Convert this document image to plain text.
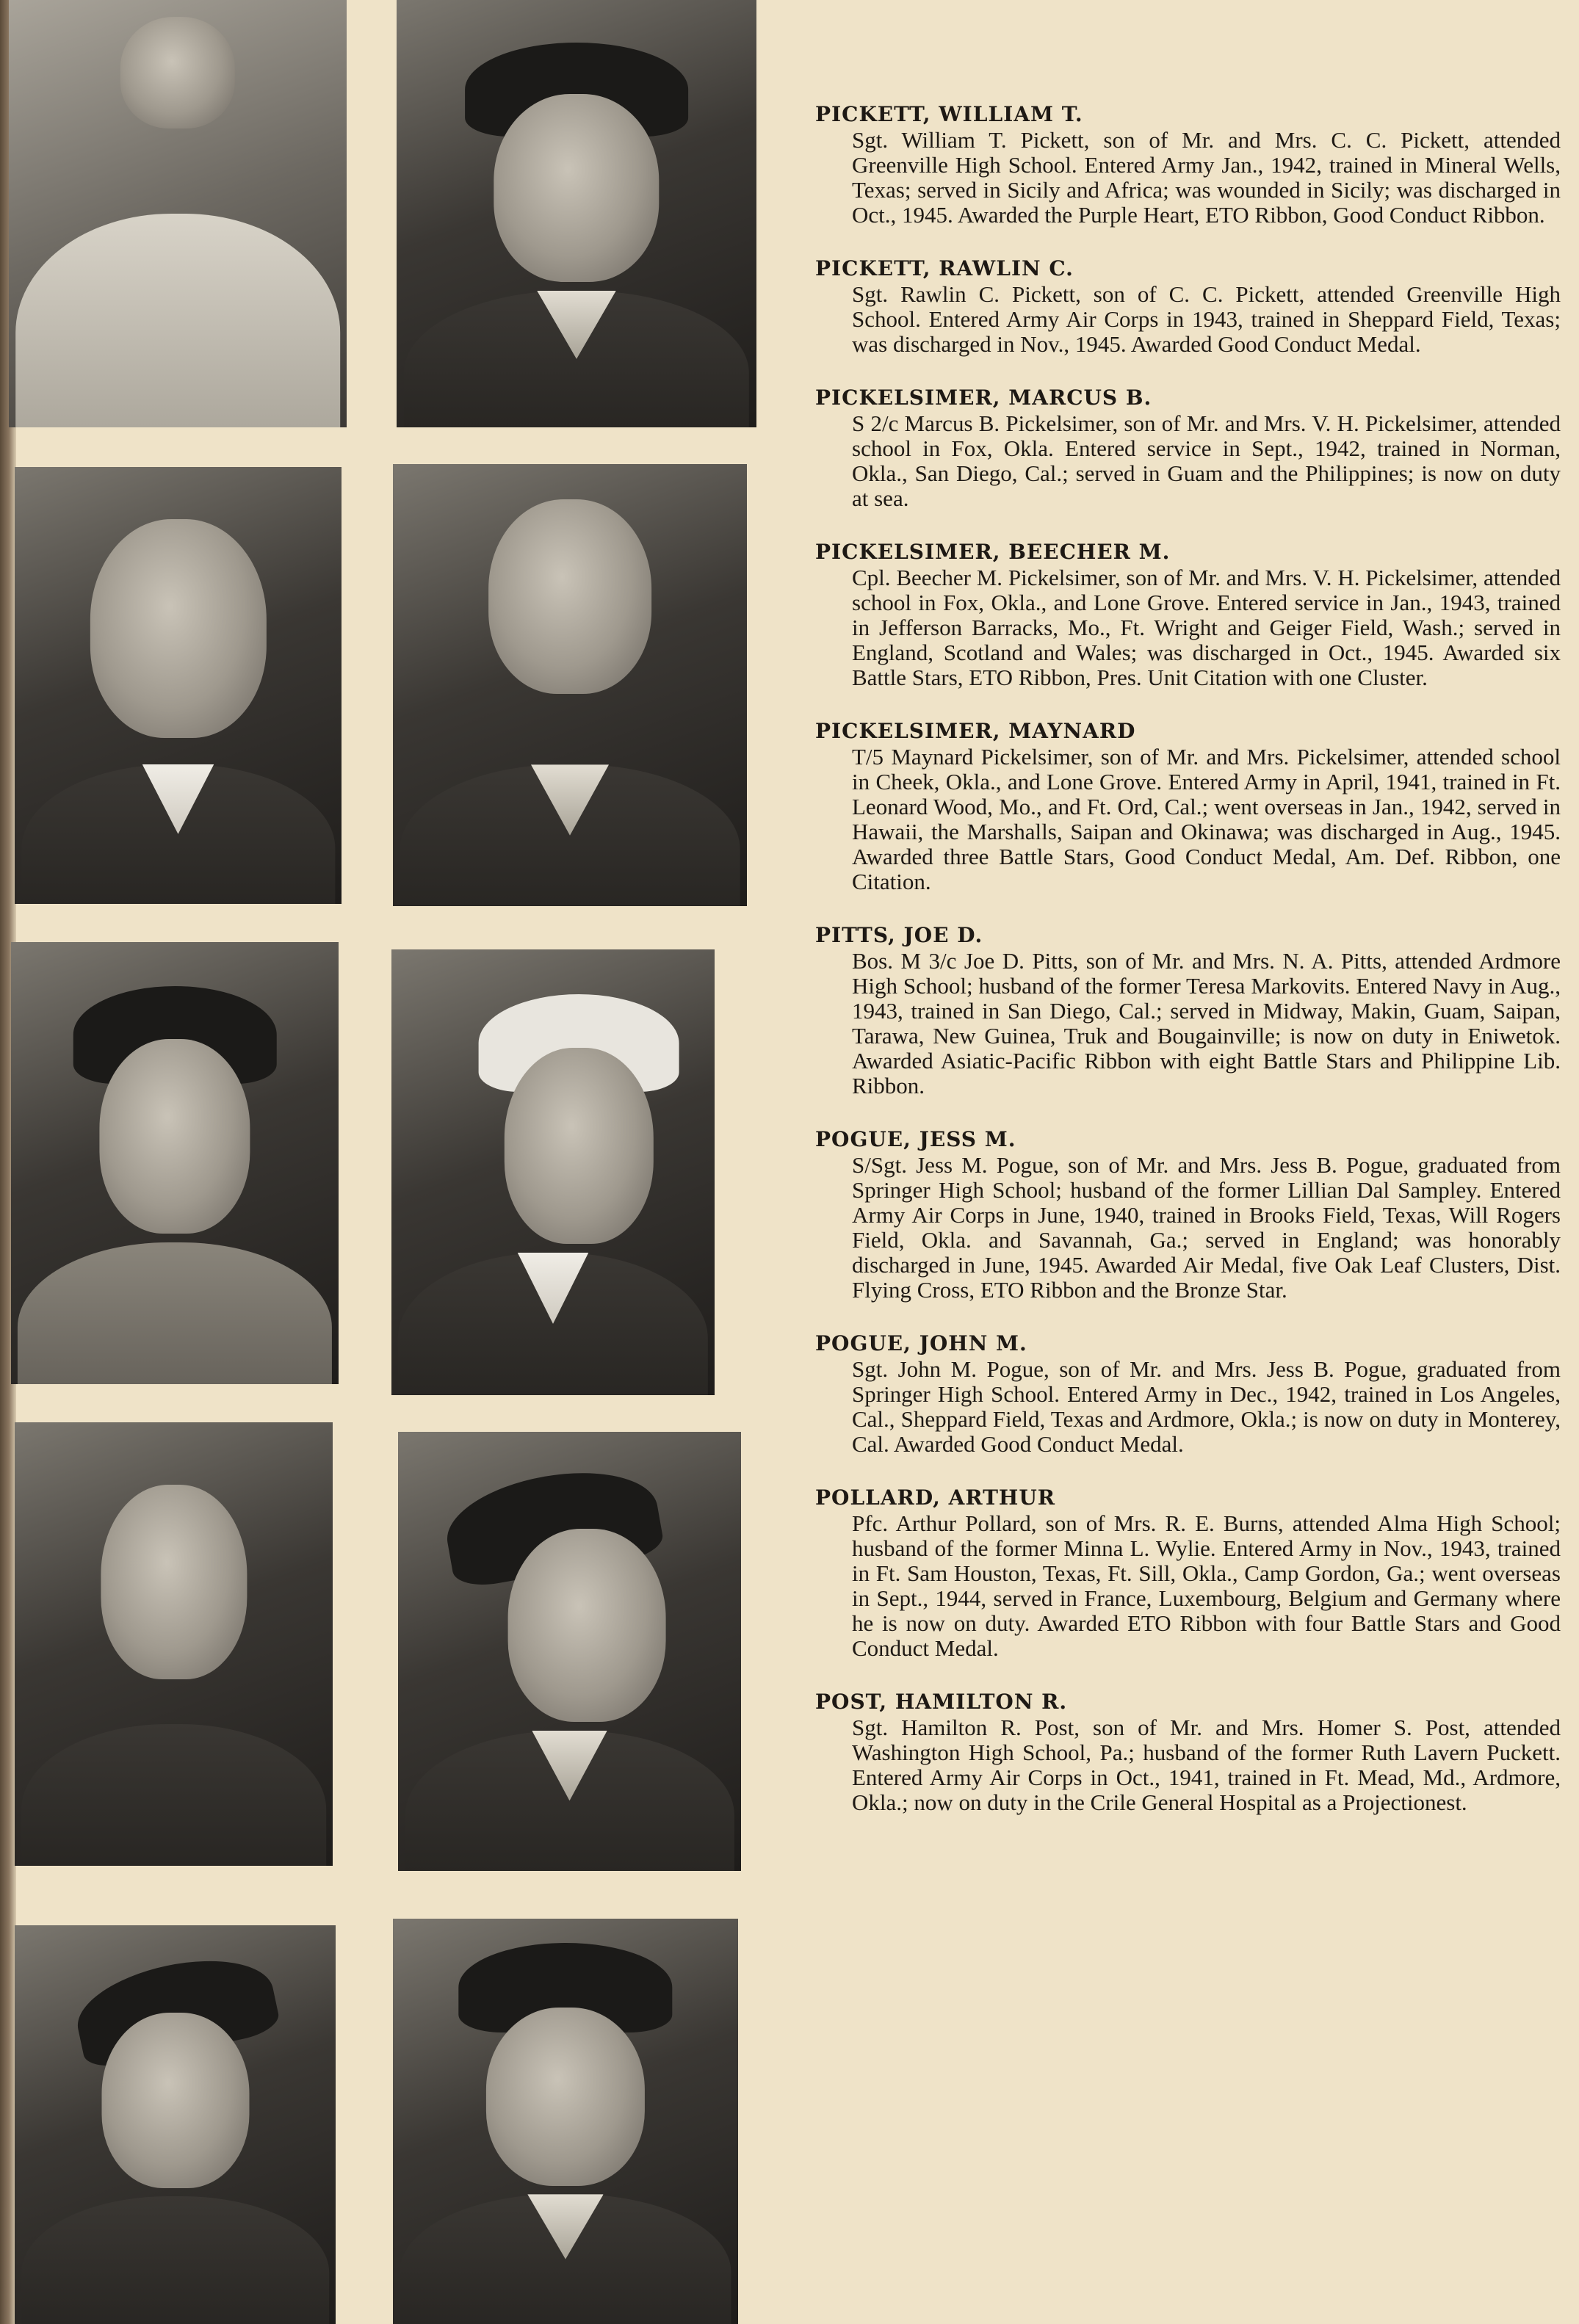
PICKETT, WILLIAM T.

Sgt. William T. Pickett, son of Mr. and Mrs. C. C. Pickett, attended Greenville High School. Entered Army Jan., 1942, trained in Mineral Wells, Texas; served in Sicily and Africa; was wounded in Sicily; was discharged in Oct., 1945. Awarded the Purple Heart, ETO Ribbon, Good Conduct Ribbon.

PICKETT, RAWLIN C.

Sgt. Rawlin C. Pickett, son of C. C. Pickett, attended Greenville High School. Entered Army Air Corps in 1943, trained in Sheppard Field, Texas; was discharged in Nov., 1945. Awarded Good Conduct Medal.

PICKELSIMER, MARCUS B.

S 2/c Marcus B. Pickelsimer, son of Mr. and Mrs. V. H. Pickelsimer, attended school in Fox, Okla. Entered service in Sept., 1942, trained in Norman, Okla., San Diego, Cal.; served in Guam and the Philippines; is now on duty at sea.

PICKELSIMER, BEECHER M.

Cpl. Beecher M. Pickelsimer, son of Mr. and Mrs. V. H. Pickelsimer, attended school in Fox, Okla., and Lone Grove. Entered service in Jan., 1943, trained in Jefferson Barracks, Mo., Ft. Wright and Geiger Field, Wash.; served in England, Scotland and Wales; was discharged in Oct., 1945. Awarded six Battle Stars, ETO Ribbon, Pres. Unit Citation with one Cluster.

PICKELSIMER, MAYNARD

T/5 Maynard Pickelsimer, son of Mr. and Mrs. Pickelsimer, attended school in Cheek, Okla., and Lone Grove. Entered Army in April, 1941, trained in Ft. Leonard Wood, Mo., and Ft. Ord, Cal.; went overseas in Jan., 1942, served in Hawaii, the Marshalls, Saipan and Okinawa; was discharged in Aug., 1945. Awarded three Battle Stars, Good Conduct Medal, Am. Def. Ribbon, one Citation.

PITTS, JOE D.

Bos. M 3/c Joe D. Pitts, son of Mr. and Mrs. N. A. Pitts, attended Ardmore High School; husband of the former Teresa Markovits. Entered Navy in Aug., 1943, trained in San Diego, Cal.; served in Midway, Makin, Guam, Saipan, Tarawa, New Guinea, Truk and Bougainville; is now on duty in Eniwetok. Awarded Asiatic-Pacific Ribbon with eight Battle Stars and Philippine Lib. Ribbon.

POGUE, JESS M.

S/Sgt. Jess M. Pogue, son of Mr. and Mrs. Jess B. Pogue, graduated from Springer High School; husband of the former Lillian Dal Sampley. Entered Army Air Corps in June, 1940, trained in Brooks Field, Texas, Will Rogers Field, Okla. and Savannah, Ga.; served in England; was honorably discharged in June, 1945. Awarded Air Medal, five Oak Leaf Clusters, Dist. Flying Cross, ETO Ribbon and the Bronze Star.

POGUE, JOHN M.

Sgt. John M. Pogue, son of Mr. and Mrs. Jess B. Pogue, graduated from Springer High School. Entered Army in Dec., 1942, trained in Los Angeles, Cal., Sheppard Field, Texas and Ardmore, Okla.; is now on duty in Monterey, Cal. Awarded Good Conduct Medal.

POLLARD, ARTHUR

Pfc. Arthur Pollard, son of Mrs. R. E. Burns, attended Alma High School; husband of the former Minna L. Wylie. Entered Army in Nov., 1943, trained in Ft. Sam Houston, Texas, Ft. Sill, Okla., Camp Gordon, Ga.; went overseas in Sept., 1944, served in France, Luxembourg, Belgium and Germany where he is now on duty. Awarded ETO Ribbon with four Battle Stars and Good Conduct Medal.

POST, HAMILTON R.

Sgt. Hamilton R. Post, son of Mr. and Mrs. Homer S. Post, attended Washington High School, Pa.; husband of the former Ruth Lavern Puckett. Entered Army Air Corps in Oct., 1941, trained in Ft. Mead, Md., Ardmore, Okla.; now on duty in the Crile General Hospital as a Projectionest.
